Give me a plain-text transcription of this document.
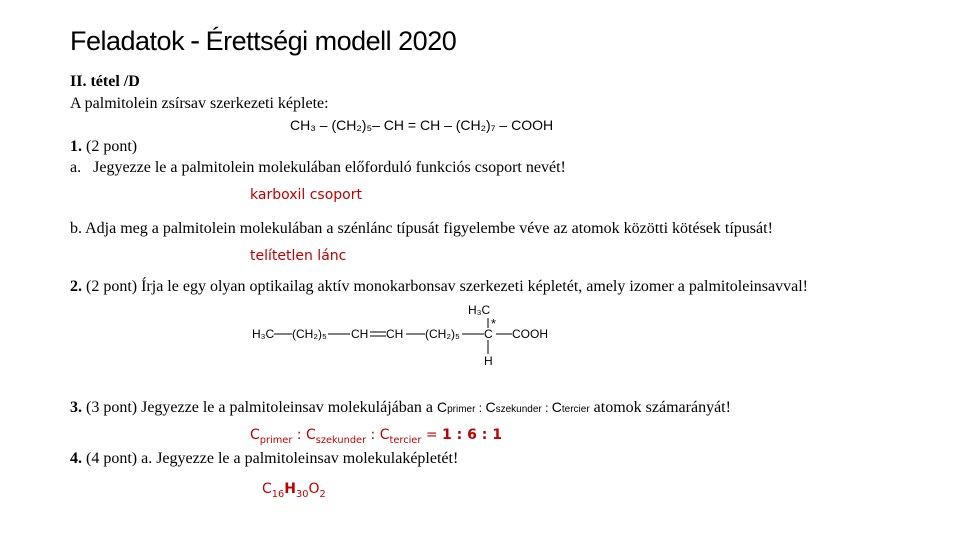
Feladatok - Érettségi modell 2020
II. tétel /D
A palmitolein zsírsav szerkezeti képlete:
CH₃ – (CH₂)₅– CH = CH – (CH₂)₇ – COOH
1. (2 pont)
a. Jegyezze le a palmitolein molekulában előforduló funkciós csoport nevét!
karboxil csoport
b. Adja meg a palmitolein molekulában a szénlánc típusát figyelembe véve az atomok közötti kötések típusát!
telítetlen lánc
2. (2 pont) Írja le egy olyan optikailag aktív monokarbonsav szerkezeti képletét, amely izomer a palmitoleinsavval!
H₃C
H₃C (CH₂)₅ CH CH (CH₂)₅ C
*
COOH
H
3. (3 pont) Jegyezze le a palmitoleinsav molekulájában a Cprimer : Cszekunder : Ctercier atomok számarányát!
$C_{primer}$ : $C_{szekunder}$ : $C_{tercier} = 1$ : 6 : 1
4. (4 pont) a. Jegyezze le a palmitoleinsav molekulaképletét!
$C_{16}H_{30}O_2$
